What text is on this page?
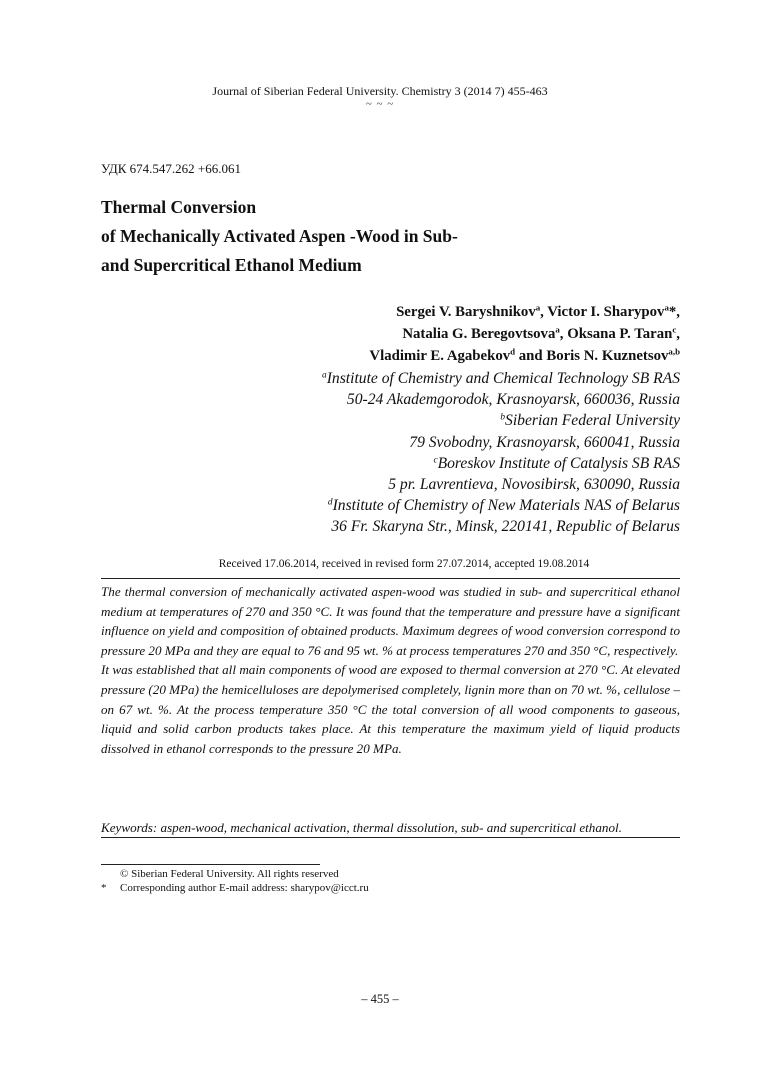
Journal of Siberian Federal University. Chemistry 3 (2014 7) 455-463
~ ~ ~
УДК 674.547.262 +66.061
Thermal Conversion
of Mechanically Activated Aspen -Wood in Sub-
and Supercritical Ethanol Medium
Sergei V. Baryshnikov$^a$, Victor I. Sharypov$^a$*,
Natalia G. Beregovtsova$^a$, Oksana P. Taran$^c$,
Vladimir E. Agabekov$^d$ and Boris N. Kuznetsov$^{a,b}$
$^a$Institute of Chemistry and Chemical Technology SB RAS
50-24 Akademgorodok, Krasnoyarsk, 660036, Russia
$^b$Siberian Federal University
79 Svobodny, Krasnoyarsk, 660041, Russia
$^c$Boreskov Institute of Catalysis SB RAS
5 pr. Lavrentieva, Novosibirsk, 630090, Russia
$^d$Institute of Chemistry of New Materials NAS of Belarus
36 Fr. Skaryna Str., Minsk, 220141, Republic of Belarus
Received 17.06.2014, received in revised form 27.07.2014, accepted 19.08.2014

The thermal conversion of mechanically activated aspen-wood was studied in sub- and supercritical ethanol medium at temperatures of 270 and 350 °C. It was found that the temperature and pressure have a significant influence on yield and composition of obtained products. Maximum degrees of wood conversion correspond to pressure 20 MPa and they are equal to 76 and 95 wt. % at process temperatures 270 and 350 °C, respectively.

It was established that all main components of wood are exposed to thermal conversion at 270 °C. At elevated pressure (20 MPa) the hemicelluloses are depolymerised completely, lignin more than on 70 wt. %, cellulose – on 67 wt. %. At the process temperature 350 °C the total conversion of all wood components to gaseous, liquid and solid carbon products takes place. At this temperature the maximum yield of liquid products dissolved in ethanol corresponds to the pressure 20 MPa.

Keywords: aspen-wood, mechanical activation, thermal dissolution, sub- and supercritical ethanol.
© Siberian Federal University. All rights reserved
* Corresponding author E-mail address: sharypov@icct.ru
– 455 –
